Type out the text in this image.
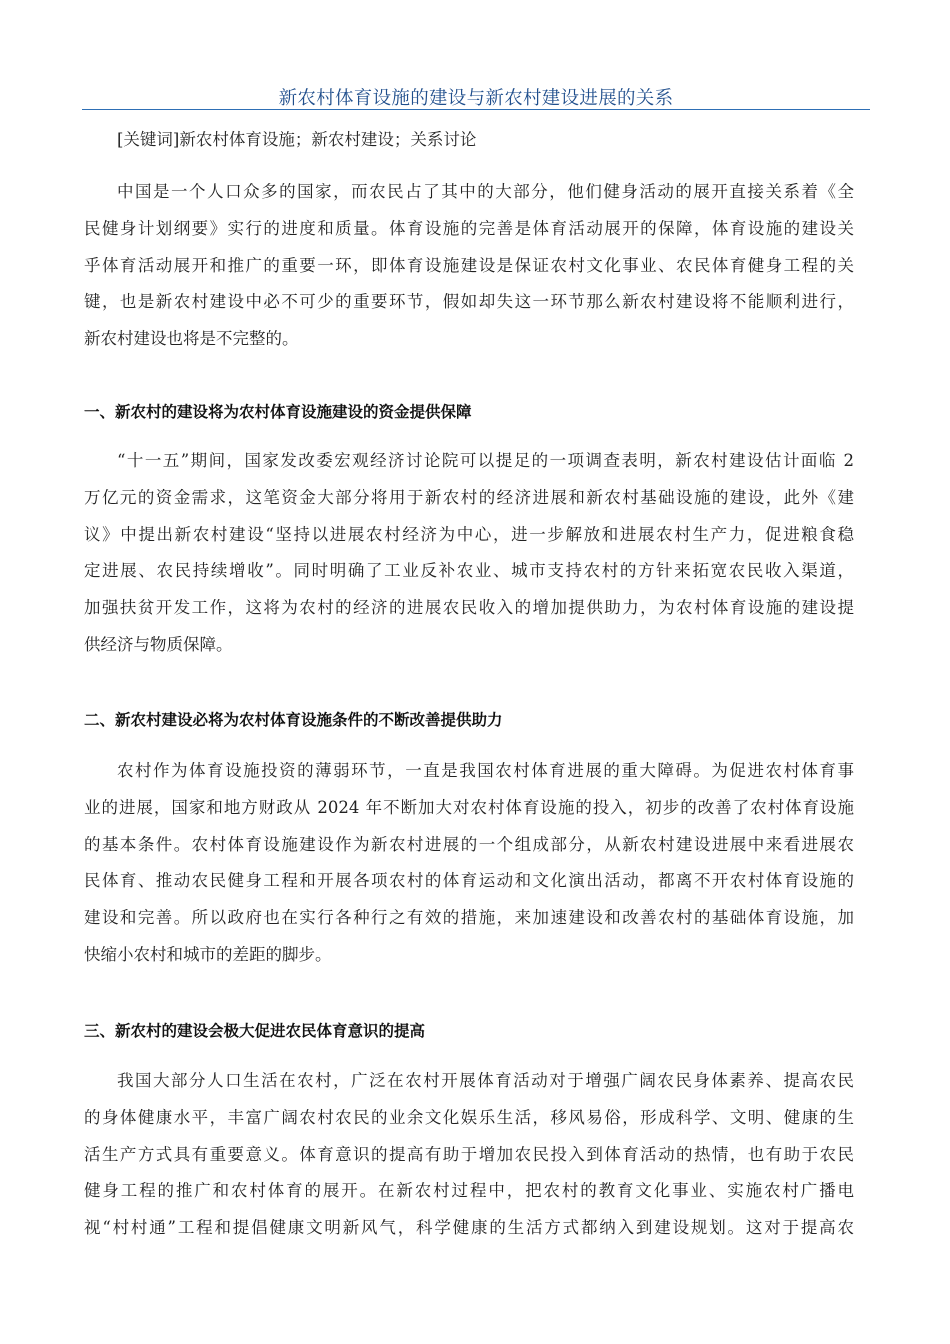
新农村体育设施的建设与新农村建设进展的关系
[关键词]新农村体育设施；新农村建设；关系讨论
中国是一个人口众多的国家，而农民占了其中的大部分，他们健身活动的展开直接关系着《全
民健身计划纲要》实行的进度和质量。体育设施的完善是体育活动展开的保障，体育设施的建设关
乎体育活动展开和推广的重要一环，即体育设施建设是保证农村文化事业、农民体育健身工程的关
键，也是新农村建设中必不可少的重要环节，假如却失这一环节那么新农村建设将不能顺利进行，
新农村建设也将是不完整的。
一、新农村的建设将为农村体育设施建设的资金提供保障
“十一五”期间，国家发改委宏观经济讨论院可以提足的一项调查表明，新农村建设估计面临 2
万亿元的资金需求，这笔资金大部分将用于新农村的经济进展和新农村基础设施的建设，此外《建
议》中提出新农村建设“坚持以进展农村经济为中心，进一步解放和进展农村生产力，促进粮食稳
定进展、农民持续增收”。同时明确了工业反补农业、城市支持农村的方针来拓宽农民收入渠道，
加强扶贫开发工作，这将为农村的经济的进展农民收入的增加提供助力，为农村体育设施的建设提
供经济与物质保障。
二、新农村建设必将为农村体育设施条件的不断改善提供助力
农村作为体育设施投资的薄弱环节，一直是我国农村体育进展的重大障碍。为促进农村体育事
业的进展，国家和地方财政从 2024 年不断加大对农村体育设施的投入，初步的改善了农村体育设施
的基本条件。农村体育设施建设作为新农村进展的一个组成部分，从新农村建设进展中来看进展农
民体育、推动农民健身工程和开展各项农村的体育运动和文化演出活动，都离不开农村体育设施的
建设和完善。所以政府也在实行各种行之有效的措施，来加速建设和改善农村的基础体育设施，加
快缩小农村和城市的差距的脚步。
三、新农村的建设会极大促进农民体育意识的提高
我国大部分人口生活在农村，广泛在农村开展体育活动对于增强广阔农民身体素养、提高农民
的身体健康水平，丰富广阔农村农民的业余文化娱乐生活，移风易俗，形成科学、文明、健康的生
活生产方式具有重要意义。体育意识的提高有助于增加农民投入到体育活动的热情，也有助于农民
健身工程的推广和农村体育的展开。在新农村过程中，把农村的教育文化事业、实施农村广播电
视“村村通”工程和提倡健康文明新风气，科学健康的生活方式都纳入到建设规划。这对于提高农
